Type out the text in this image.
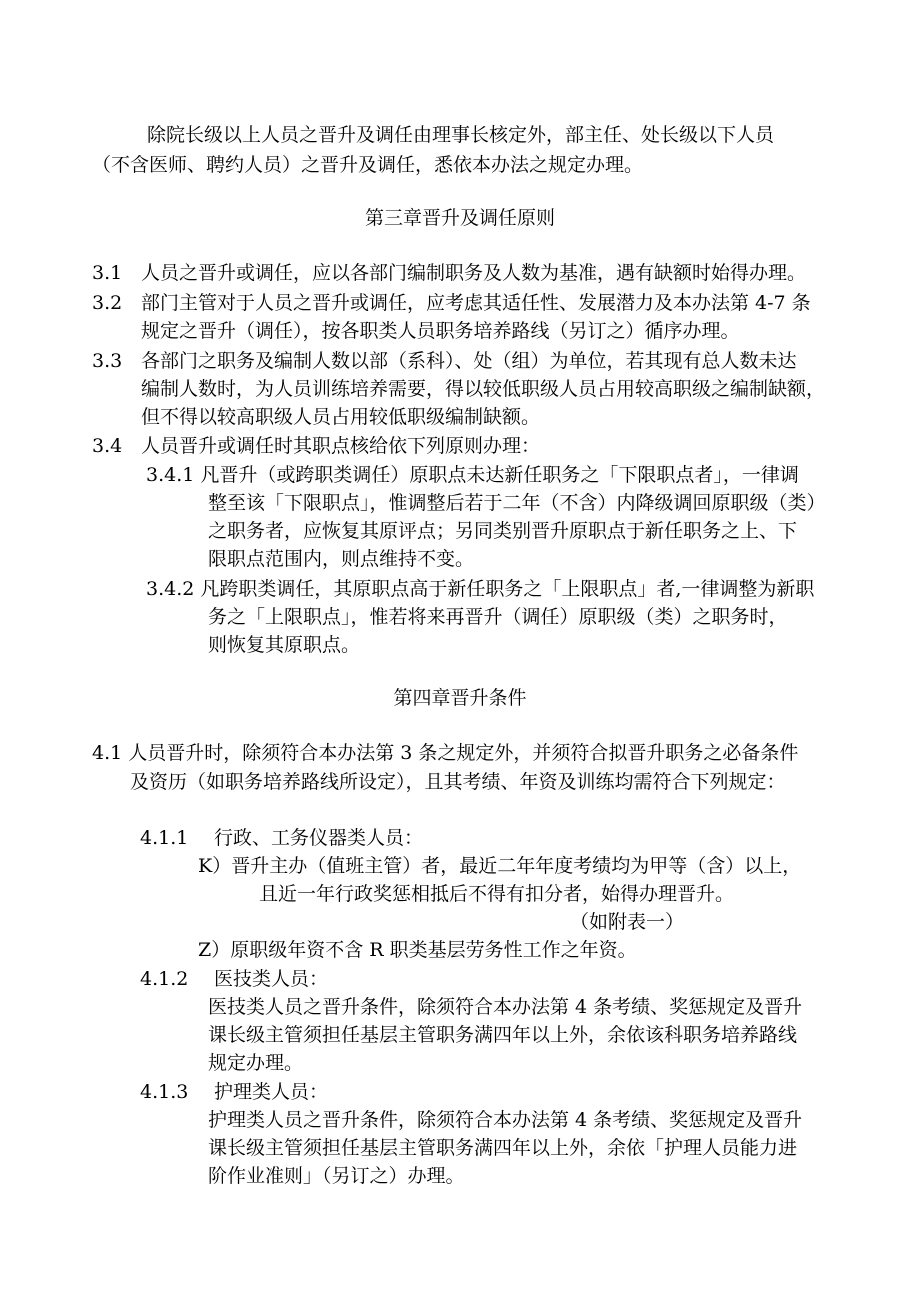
除院长级以上人员之晋升及调任由理事长核定外，部主任、处长级以下人员
（不含医师、聘约人员）之晋升及调任，悉依本办法之规定办理。
第三章晋升及调任原则
3.1 人员之晋升或调任，应以各部门编制职务及人数为基准，遇有缺额时始得办理。
3.2 部门主管对于人员之晋升或调任，应考虑其适任性、发展潜力及本办法第 4-7 条
规定之晋升（调任），按各职类人员职务培养路线（另订之）循序办理。
3.3 各部门之职务及编制人数以部（系科）、处（组）为单位，若其现有总人数未达
编制人数时，为人员训练培养需要，得以较低职级人员占用较高职级之编制缺额，
但不得以较高职级人员占用较低职级编制缺额。
3.4 人员晋升或调任时其职点核给依下列原则办理：
3.4.1 凡晋升（或跨职类调任）原职点未达新任职务之「下限职点者」，一律调
整至该「下限职点」，惟调整后若于二年（不含）内降级调回原职级（类）
之职务者，应恢复其原评点；另同类别晋升原职点于新任职务之上、下
限职点范围内，则点维持不变。
3.4.2 凡跨职类调任，其原职点高于新任职务之「上限职点」者,一律调整为新职
务之「上限职点」，惟若将来再晋升（调任）原职级（类）之职务时，
则恢复其原职点。
第四章晋升条件
4.1 人员晋升时，除须符合本办法第 3 条之规定外，并须符合拟晋升职务之必备条件
及资历（如职务培养路线所设定），且其考绩、年资及训练均需符合下列规定：
4.1.1 行政、工务仪器类人员：
K）晋升主办（值班主管）者，最近二年年度考绩均为甲等（含）以上，
且近一年行政奖惩相抵后不得有扣分者，始得办理晋升。
（如附表一）
Z）原职级年资不含 R 职类基层劳务性工作之年资。
4.1.2 医技类人员：
医技类人员之晋升条件，除须符合本办法第 4 条考绩、奖惩规定及晋升
课长级主管须担任基层主管职务满四年以上外，余依该科职务培养路线
规定办理。
4.1.3 护理类人员：
护理类人员之晋升条件，除须符合本办法第 4 条考绩、奖惩规定及晋升
课长级主管须担任基层主管职务满四年以上外，余依「护理人员能力进
阶作业准则」（另订之）办理。
